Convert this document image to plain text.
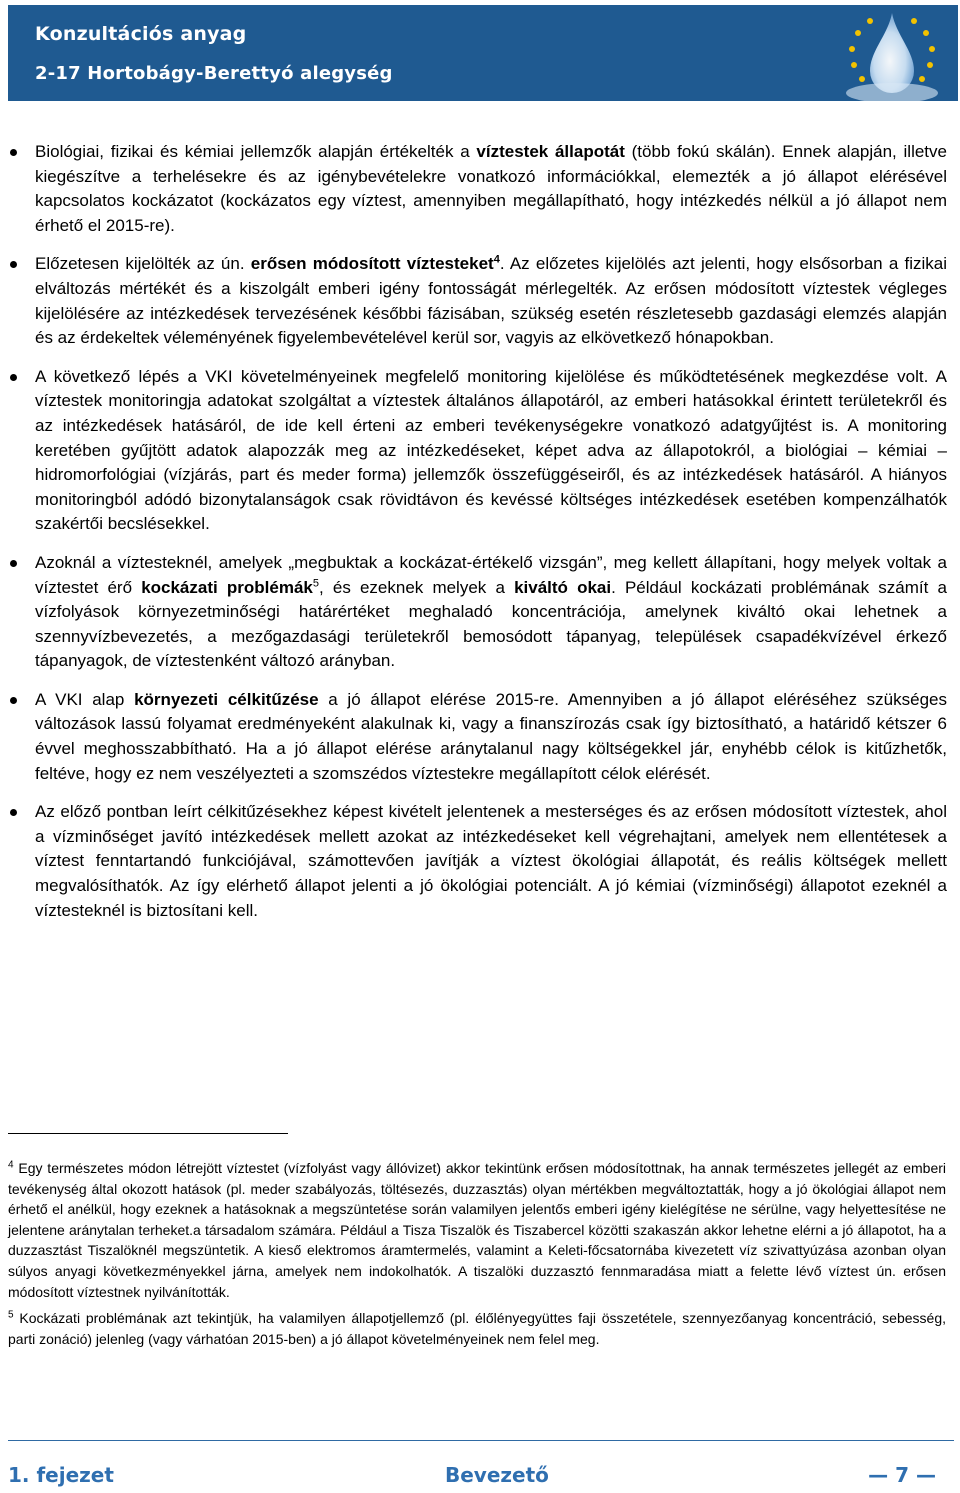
Konzultációs anyag
2-17 Hortobágy-Berettyó alegység

Biológiai, fizikai és kémiai jellemzők alapján értékelték a víztestek állapotát (több fokú skálán). Ennek alapján, illetve kiegészítve a terhelésekre és az igénybevételekre vonatkozó információkkal, elemezték a jó állapot elérésével kapcsolatos kockázatot (kockázatos egy víztest, amennyiben megállapítható, hogy intézkedés nélkül a jó állapot nem érhető el 2015-re).

Előzetesen kijelölték az ún. erősen módosított víztesteket$^4$. Az előzetes kijelölés azt jelenti, hogy elsősorban a fizikai elváltozás mértékét és a kiszolgált emberi igény fontosságát mérlegelték. Az erősen módosított víztestek végleges kijelölésére az intézkedések tervezésének későbbi fázisában, szükség esetén részletesebb gazdasági elemzés alapján és az érdekeltek véleményének figyelembevételével kerül sor, vagyis az elkövetkező hónapokban.

A következő lépés a VKI követelményeinek megfelelő monitoring kijelölése és működtetésének megkezdése volt. A víztestek monitoringja adatokat szolgáltat a víztestek általános állapotáról, az emberi hatásokkal érintett területekről és az intézkedések hatásáról, de ide kell érteni az emberi tevékenységekre vonatkozó adatgyűjtést is. A monitoring keretében gyűjtött adatok alapozzák meg az intézkedéseket, képet adva az állapotokról, a biológiai – kémiai – hidromorfológiai (vízjárás, part és meder forma) jellemzők összefüggéseiről, és az intézkedések hatásáról. A hiányos monitoringból adódó bizonytalanságok csak rövidtávon és kevéssé költséges intézkedések esetében kompenzálhatók szakértői becslésekkel.

Azoknál a víztesteknél, amelyek „megbuktak a kockázat-értékelő vizsgán”, meg kellett állapítani, hogy melyek voltak a víztestet érő kockázati problémák$^5$, és ezeknek melyek a kiváltó okai. Például kockázati problémának számít a vízfolyások környezetminőségi határértéket meghaladó koncentrációja, amelynek kiváltó okai lehetnek a szennyvízbevezetés, a mezőgazdasági területekről bemosódott tápanyag, települések csapadékvízével érkező tápanyagok, de víztestenként változó arányban.

A VKI alap környezeti célkitűzése a jó állapot elérése 2015-re. Amennyiben a jó állapot eléréséhez szükséges változások lassú folyamat eredményeként alakulnak ki, vagy a finanszírozás csak így biztosítható, a határidő kétszer 6 évvel meghosszabbítható. Ha a jó állapot elérése aránytalanul nagy költségekkel jár, enyhébb célok is kitűzhetők, feltéve, hogy ez nem veszélyezteti a szomszédos víztestekre megállapított célok elérését.

Az előző pontban leírt célkitűzésekhez képest kivételt jelentenek a mesterséges és az erősen módosított víztestek, ahol a vízminőséget javító intézkedések mellett azokat az intézkedéseket kell végrehajtani, amelyek nem ellentétesek a víztest fenntartandó funkciójával, számottevően javítják a víztest ökológiai állapotát, és reális költségek mellett megvalósíthatók. Az így elérhető állapot jelenti a jó ökológiai potenciált. A jó kémiai (vízminőségi) állapotot ezeknél a víztesteknél is biztosítani kell.

$^4$ Egy természetes módon létrejött víztestet (vízfolyást vagy állóvizet) akkor tekintünk erősen módosítottnak, ha annak természetes jellegét az emberi tevékenység által okozott hatások (pl. meder szabályozás, töltésezés, duzzasztás) olyan mértékben megváltoztatták, hogy a jó ökológiai állapot nem érhető el anélkül, hogy ezeknek a hatásoknak a megszüntetése során valamilyen jelentős emberi igény kielégítése ne sérülne, vagy helyettesítése ne jelentene aránytalan terheket.a társadalom számára. Például a Tisza Tiszalök és Tiszabercel közötti szakaszán akkor lehetne elérni a jó állapotot, ha a duzzasztást Tiszalöknél megszüntetik. A kieső elektromos áramtermelés, valamint a Keleti-főcsatornába kivezetett víz szivattyúzása azonban olyan súlyos anyagi következményekkel járna, amelyek nem indokolhatók. A tiszalöki duzzasztó fennmaradása miatt a felette lévő víztest ún. erősen módosított víztestnek nyilvánították.

$^5$ Kockázati problémának azt tekintjük, ha valamilyen állapotjellemző (pl. élőlényegyüttes faji összetétele, szennyezőanyag koncentráció, sebesség, parti zonáció) jelenleg (vagy várhatóan 2015-ben) a jó állapot követelményeinek nem felel meg.

1. fejezet	Bevezető	— 7 —
